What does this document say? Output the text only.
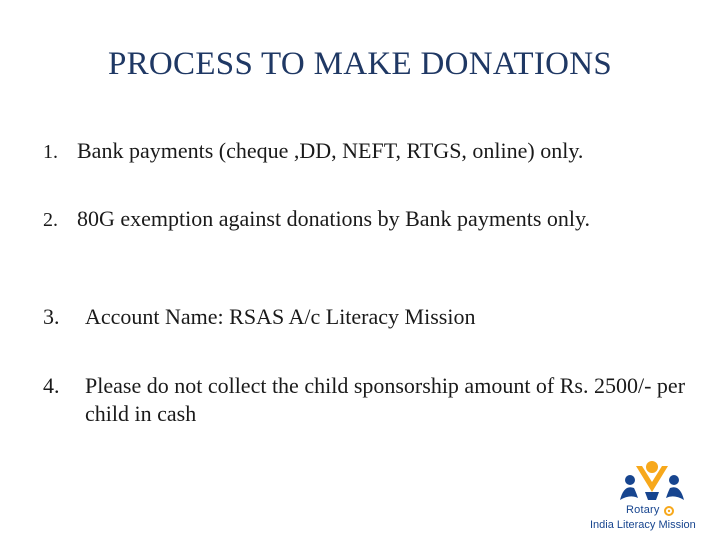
PROCESS TO MAKE DONATIONS
1. Bank payments (cheque ,DD, NEFT, RTGS, online) only.
2. 80G exemption against donations by Bank payments only.
3. Account Name: RSAS A/c Literacy Mission
4. Please do not collect the child sponsorship amount of Rs. 2500/- per child in cash
Rotary
India Literacy Mission
